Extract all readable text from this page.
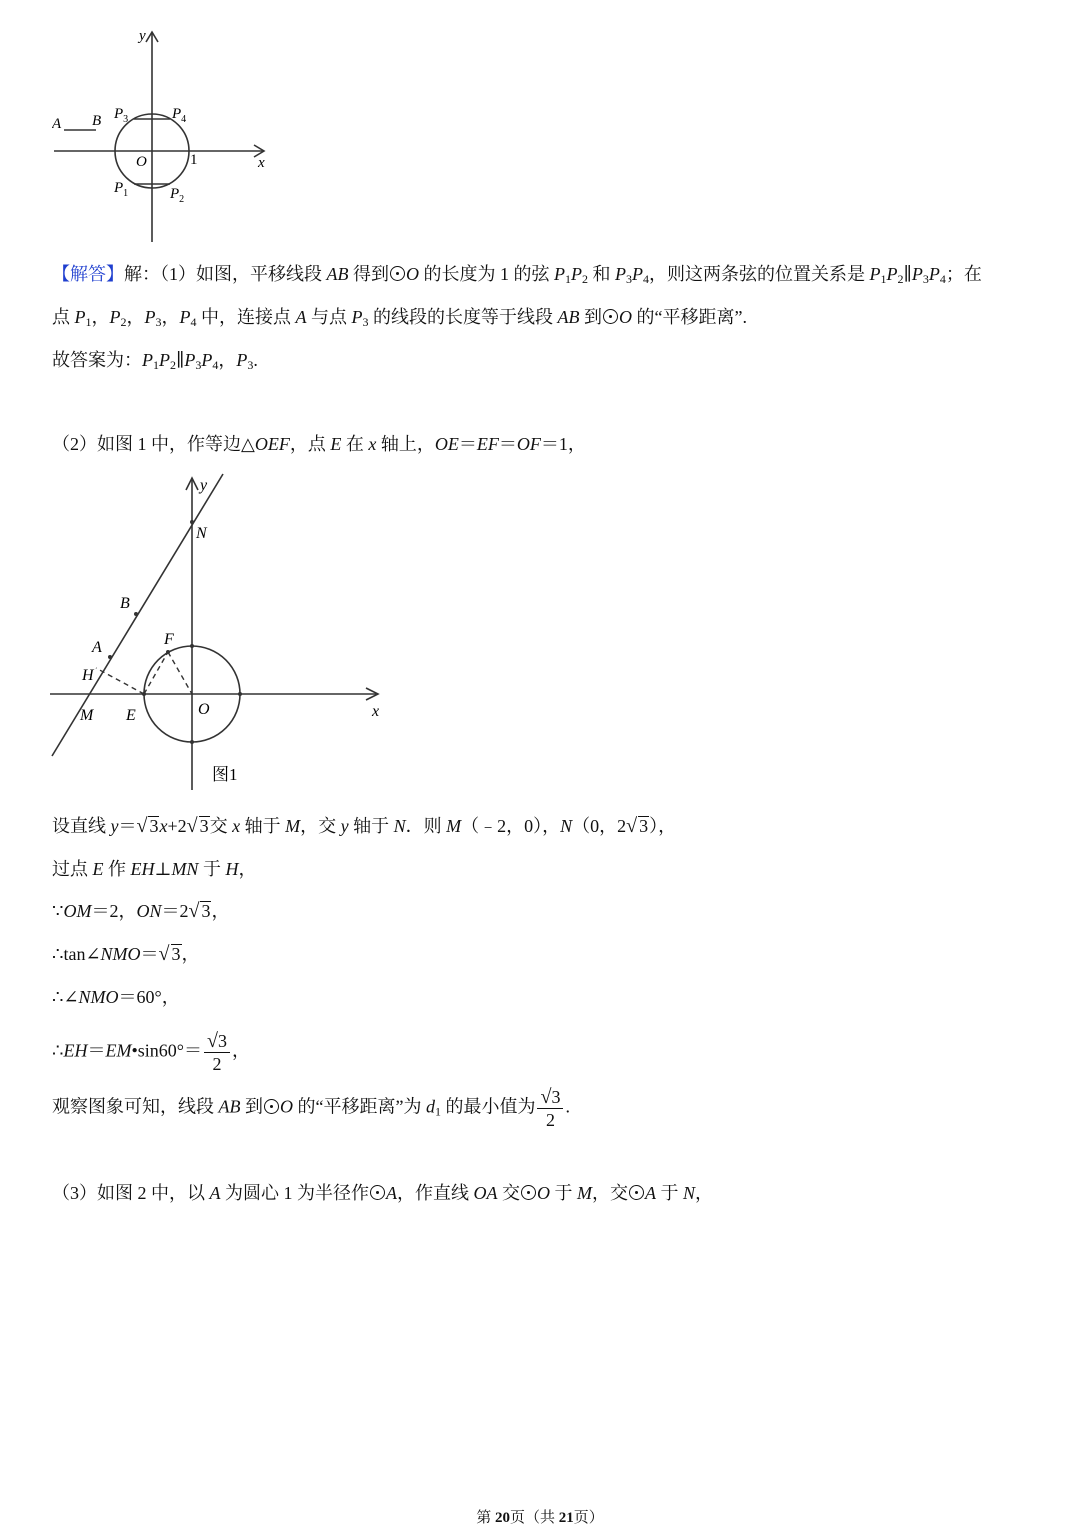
y
x
A B
O	1
$P_3$	$P_4$
$P_1$	$P_2$
【解答】解：（1）如图，平移线段 AB 得到 O 的长度为 1 的弦 $P_1P_2$ 和 $P_3P_4$，则这两条弦的位置关系是 $P_1P_2\parallel P_3P_4$；在
点 $P_1$，$P_2$，$P_3$，$P_4$ 中，连接点 A 与点 $P_3$ 的线段的长度等于线段 AB 到 O 的“平移距离”.
故答案为：$P_1P_2\parallel P_3P_4$，$P_3$.
（2）如图 1 中，作等边△OEF，点 E 在 x 轴上，OE＝EF＝OF＝1，
y
x
N
B
A	F
H
M E	O
图1
设直线 y＝√ 3x+2√ 3交 x 轴于 M，交 y 轴于 N．则 M（﹣2，0），N（0，2√ 3），
过点 E 作 EH⊥MN 于 H，
∵OM＝2，ON＝2√ 3，
∴tan∠NMO＝√ 3，
∴∠NMO＝60°，
∴EH＝EM•sin60°＝ $\frac{√3}{2}$ ，
观察图象可知，线段 AB 到 O 的“平移距离”为 $d_1$ 的最小值为 $\frac{√3}{2}$ .
（3）如图 2 中，以 A 为圆心 1 为半径作 A，作直线 OA 交 O 于 M，交 A 于 N，
第 20页（共 21页）
